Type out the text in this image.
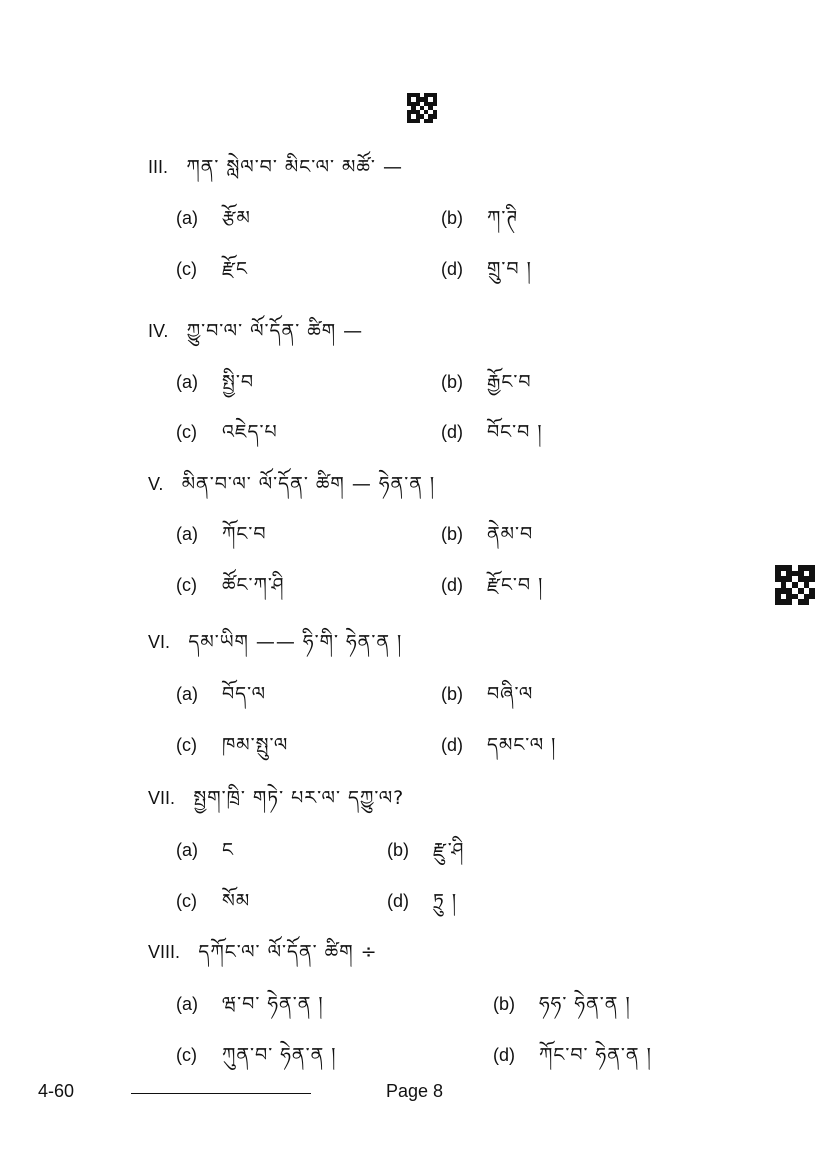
III. ཀན་ སླེལ་བ་ མིང་ལ་ མཚོ་ —
(a) རྩོམ	(b) ཀ་ཊི
(c) རྫོང	(d) གྲུ་བ །
IV. ཀྱུ་བ་ལ་ ལོ་དོན་ ཚིག —
(a) སྤྱི་བ	(b) རྒྱོང་བ
(c) འཇེད་པ	(d) བོང་བ །
V. མིན་བ་ལ་ ལོ་དོན་ ཚིག — ཧེན་ན །
(a) ཀོང་བ	(b) ནེམ་བ
(c) ཚོང་ཀ་ཤི	(d) རྫོང་བ །
VI. དམ་ཡིག —— ཧི་གི་ ཧེན་ན །
(a) བོད་ལ	(b) བཞི་ལ
(c) ཁམ་སྤུ་ལ	(d) དམང་ལ །
VII. སྤྱག་ཁྲི་ གཏེ་ པར་ལ་ དཀྱུ་ལ?
(a) ང	(b) རྫུ་ཤི
(c) སོམ	(d) ཏྲུ །
VIII. དཀོང་ལ་ ལོ་དོན་ ཚིག ÷
(a) ཝ་བ་ ཧེན་ན །	(b) ཧཧ་ ཧེན་ན །
(c) ཀུན་བ་ ཧེན་ན །	(d) ཀོང་བ་ ཧེན་ན །
4-60	Page 8
